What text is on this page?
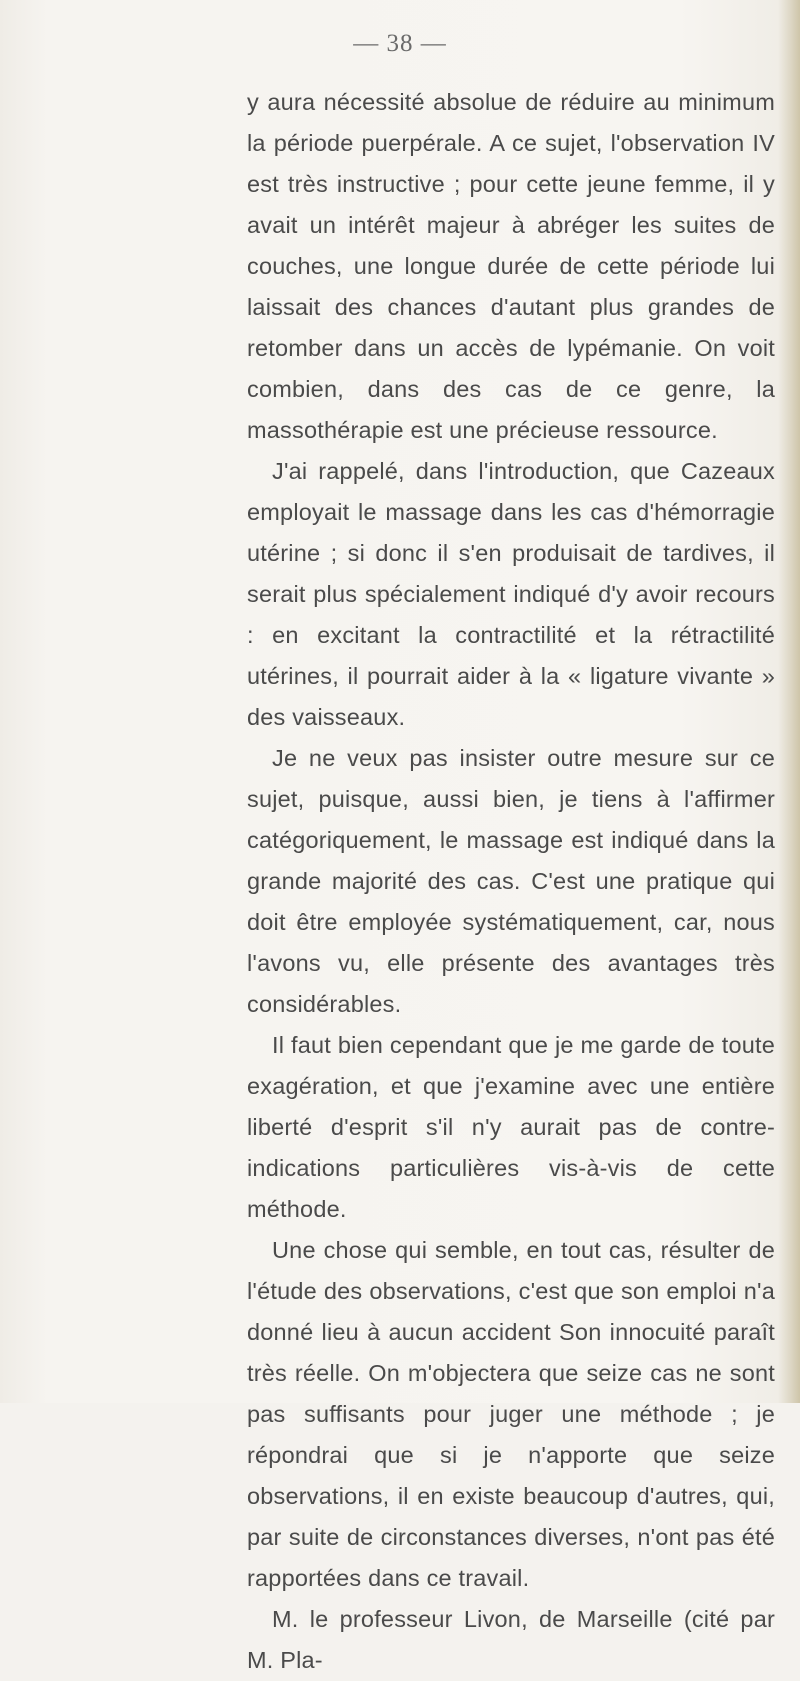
— 38 —

y aura nécessité absolue de réduire au minimum la période puerpérale. A ce sujet, l'observation IV est très instructive ; pour cette jeune femme, il y avait un intérêt majeur à abréger les suites de couches, une longue durée de cette période lui laissait des chances d'autant plus grandes de retomber dans un accès de lypémanie. On voit combien, dans des cas de ce genre, la massothérapie est une précieuse ressource.

J'ai rappelé, dans l'introduction, que Cazeaux employait le massage dans les cas d'hémorragie utérine ; si donc il s'en produisait de tardives, il serait plus spécialement indiqué d'y avoir recours : en excitant la contractilité et la rétractilité utérines, il pourrait aider à la « ligature vivante » des vaisseaux.

Je ne veux pas insister outre mesure sur ce sujet, puisque, aussi bien, je tiens à l'affirmer catégoriquement, le massage est indiqué dans la grande majorité des cas. C'est une pratique qui doit être employée systématiquement, car, nous l'avons vu, elle présente des avantages très considérables.

Il faut bien cependant que je me garde de toute exagération, et que j'examine avec une entière liberté d'esprit s'il n'y aurait pas de contre-indications particulières vis-à-vis de cette méthode.

Une chose qui semble, en tout cas, résulter de l'étude des observations, c'est que son emploi n'a donné lieu à aucun accident Son innocuité paraît très réelle. On m'objectera que seize cas ne sont pas suffisants pour juger une méthode ; je répondrai que si je n'apporte que seize observations, il en existe beaucoup d'autres, qui, par suite de circonstances diverses, n'ont pas été rapportées dans ce travail.

M. le professeur Livon, de Marseille (cité par M. Pla-
